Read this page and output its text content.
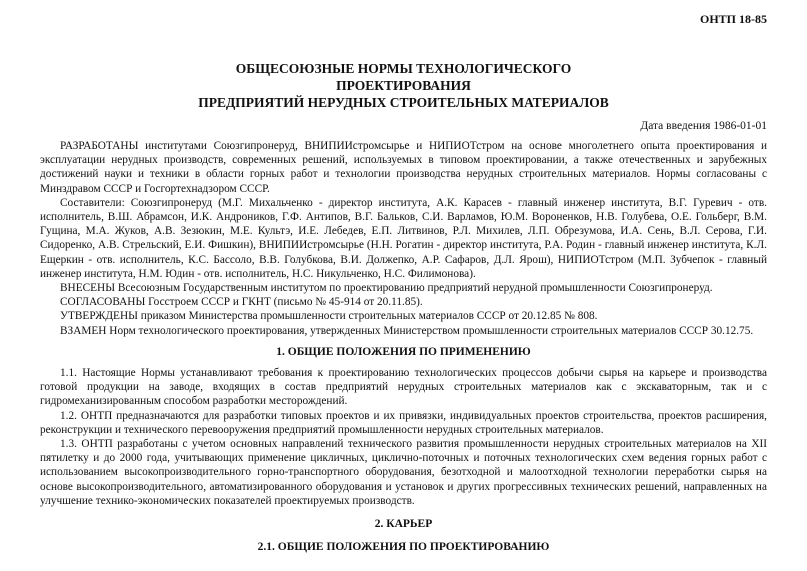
ОНТП 18-85
ОБЩЕСОЮЗНЫЕ НОРМЫ ТЕХНОЛОГИЧЕСКОГО
ПРОЕКТИРОВАНИЯ
ПРЕДПРИЯТИЙ НЕРУДНЫХ СТРОИТЕЛЬНЫХ МАТЕРИАЛОВ
Дата введения 1986-01-01

РАЗРАБОТАНЫ институтами Союзгипронеруд, ВНИПИИстромсырье и НИПИОТстром на основе многолетнего опыта проектирования и эксплуатации нерудных производств, современных решений, используемых в типовом проектировании, а также отечественных и зарубежных достижений науки и техники в области горных работ и технологии производства нерудных строительных материалов. Нормы согласованы с Минздравом СССР и Госгортехнадзором СССР.

Составители: Союзгипронеруд (М.Г. Михальченко - директор института, А.К. Карасев - главный инженер института, В.Г. Гуревич - отв. исполнитель, В.Ш. Абрамсон, И.К. Андроников, Г.Ф. Антипов, В.Г. Бальков, С.И. Варламов, Ю.М. Вороненков, Н.В. Голубева, О.Е. Гольберг, В.М. Гущина, М.А. Жуков, А.В. Зезюкин, М.Е. Культэ, И.Е. Лебедев, Е.П. Литвинов, Р.Л. Михилев, Л.П. Обрезумова, И.А. Сень, В.Л. Серова, Г.И. Сидоренко, А.В. Стрельский, Е.И. Фишкин), ВНИПИИстромсырье (Н.Н. Рогатин - директор института, Р.А. Родин - главный инженер института, К.Л. Ещеркин - отв. исполнитель, К.С. Бассоло, В.В. Голубкова, В.И. Должепко, А.Р. Сафаров, Д.Л. Ярош), НИПИОТстром (М.П. Зубчепок - главный инженер института, Н.М. Юдин - отв. исполнитель, Н.С. Никульченко, Н.С. Филимонова).

ВНЕСЕНЫ Всесоюзным Государственным институтом по проектированию предприятий нерудной промышленности Союзгипронеруд.

СОГЛАСОВАНЫ Госстроем СССР и ГКНТ (письмо № 45-914 от 20.11.85).

УТВЕРЖДЕНЫ приказом Министерства промышленности строительных материалов СССР от 20.12.85 № 808.

ВЗАМЕН Норм технологического проектирования, утвержденных Министерством промышленности строительных материалов СССР 30.12.75.

1. ОБЩИЕ ПОЛОЖЕНИЯ ПО ПРИМЕНЕНИЮ

1.1. Настоящие Нормы устанавливают требования к проектированию технологических процессов добычи сырья на карьере и производства готовой продукции на заводе, входящих в состав предприятий нерудных строительных материалов как с экскаваторным, так и с гидромеханизированным способом разработки месторождений.

1.2. ОНТП предназначаются для разработки типовых проектов и их привязки, индивидуальных проектов строительства, проектов расширения, реконструкции и технического перевооружения предприятий промышленности нерудных строительных материалов.

1.3. ОНТП разработаны с учетом основных направлений технического развития промышленности нерудных строительных материалов на XII пятилетку и до 2000 года, учитывающих применение цикличных, циклично-поточных и поточных технологических схем ведения горных работ с использованием высокопроизводительного горно-транспортного оборудования, безотходной и малоотходной технологии переработки сырья на основе высокопроизводительного, автоматизированного оборудования и установок и других прогрессивных технических решений, направленных на улучшение технико-экономических показателей проектируемых производств.

2. КАРЬЕР
2.1. ОБЩИЕ ПОЛОЖЕНИЯ ПО ПРОЕКТИРОВАНИЮ
